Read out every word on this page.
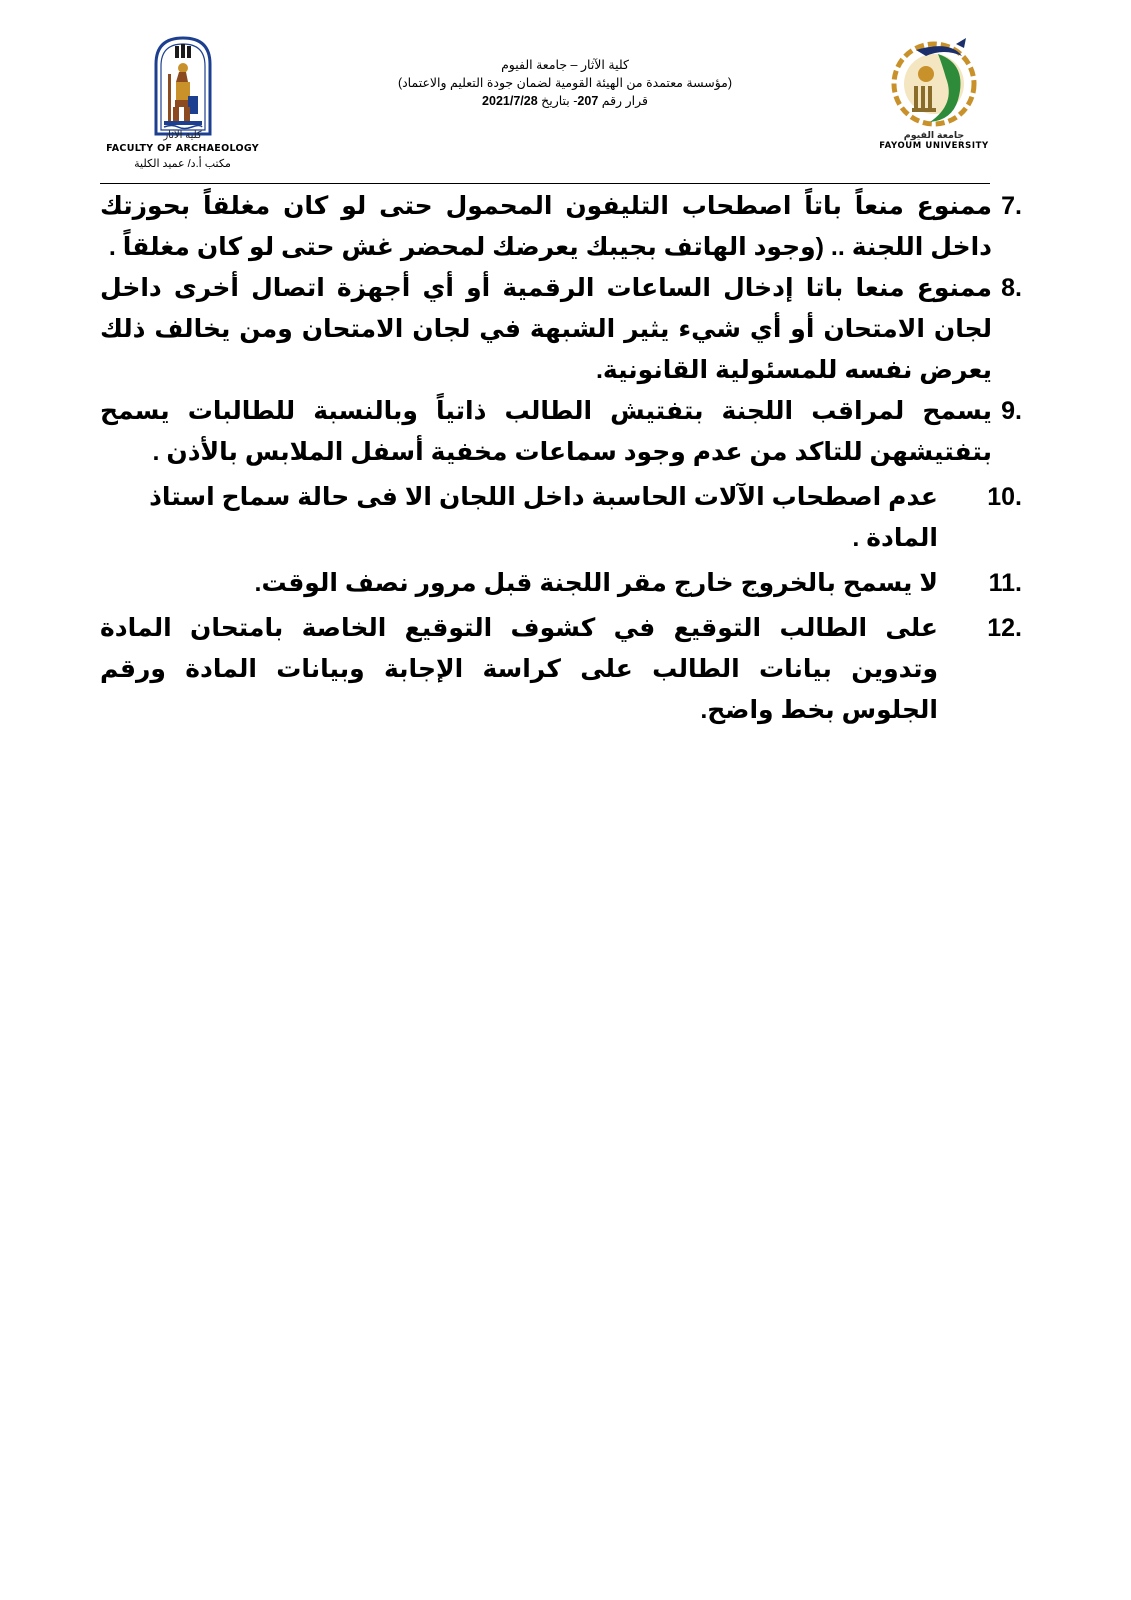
كلية الآثار
FACULTY OF ARCHAEOLOGY
مكتب أ.د/ عميد الكلية
كلية الآثار – جامعة الفيوم
(مؤسسة معتمدة من الهيئة القومية لضمان جودة التعليم والاعتماد)
قرار رقم 207- بتاريخ 2021/7/28
جامعة الفيوم
FAYOUM UNIVERSITY
7.
ممنوع منعاً باتاً اصطحاب التليفون المحمول حتى لو كان مغلقاً بحوزتك داخل اللجنة .. (وجود الهاتف بجيبك يعرضك لمحضر غش حتى لو كان مغلقاً .
8.
ممنوع منعا باتا إدخال الساعات الرقمية أو أي أجهزة اتصال أخرى داخل لجان الامتحان أو أي شيء يثير الشبهة في لجان الامتحان ومن يخالف ذلك يعرض نفسه للمسئولية القانونية.
9.
يسمح لمراقب اللجنة بتفتيش الطالب ذاتياً وبالنسبة للطالبات يسمح بتفتيشهن للتاكد من عدم وجود سماعات مخفية أسفل الملابس بالأذن .
10.
عدم اصطحاب الآلات الحاسبة داخل اللجان الا فى حالة سماح استاذ المادة .
11.
لا يسمح بالخروج خارج مقر اللجنة قبل مرور نصف الوقت.
12.
على الطالب التوقيع في كشوف التوقيع الخاصة بامتحان المادة وتدوين بيانات الطالب على كراسة الإجابة وبيانات المادة ورقم الجلوس بخط واضح.
